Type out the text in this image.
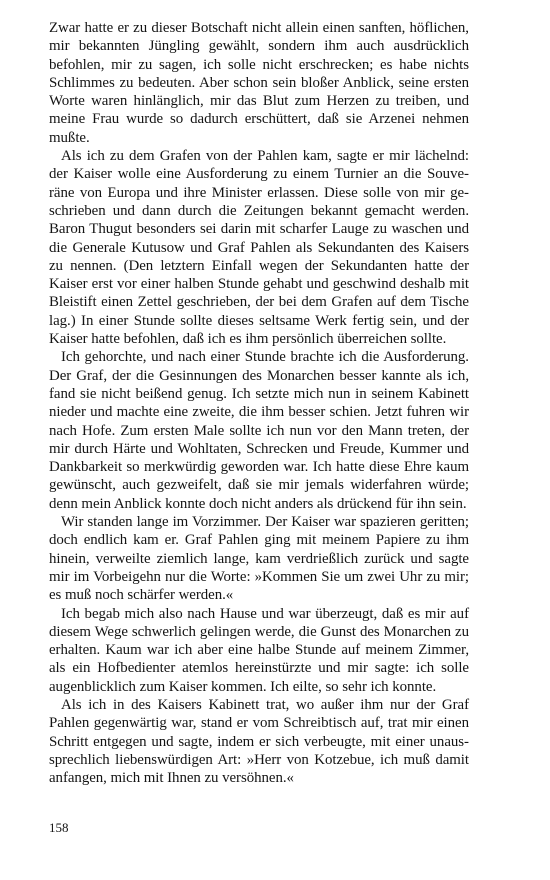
Zwar hatte er zu dieser Botschaft nicht allein einen sanften, höflichen, mir bekannten Jüngling gewählt, sondern ihm auch ausdrücklich befohlen, mir zu sagen, ich solle nicht erschrecken; es habe nichts Schlimmes zu bedeuten. Aber schon sein bloßer Anblick, seine ersten Worte waren hinlänglich, mir das Blut zum Herzen zu treiben, und meine Frau wurde so dadurch erschüttert, daß sie Arzenei nehmen mußte.

Als ich zu dem Grafen von der Pahlen kam, sagte er mir lächelnd: der Kaiser wolle eine Ausforderung zu einem Turnier an die Souveräne von Europa und ihre Minister erlassen. Diese solle von mir geschrieben und dann durch die Zeitungen bekannt gemacht werden. Baron Thugut besonders sei darin mit scharfer Lauge zu waschen und die Generale Kutusow und Graf Pahlen als Sekundanten des Kaisers zu nennen. (Den letztern Einfall wegen der Sekundanten hatte der Kaiser erst vor einer halben Stunde gehabt und geschwind deshalb mit Bleistift einen Zettel geschrieben, der bei dem Grafen auf dem Tische lag.) In einer Stunde sollte dieses seltsame Werk fertig sein, und der Kaiser hatte befohlen, daß ich es ihm persönlich überreichen sollte.

Ich gehorchte, und nach einer Stunde brachte ich die Ausforderung. Der Graf, der die Gesinnungen des Monarchen besser kannte als ich, fand sie nicht beißend genug. Ich setzte mich nun in seinem Kabinett nieder und machte eine zweite, die ihm besser schien. Jetzt fuhren wir nach Hofe. Zum ersten Male sollte ich nun vor den Mann treten, der mir durch Härte und Wohltaten, Schrecken und Freude, Kummer und Dankbarkeit so merkwürdig geworden war. Ich hatte diese Ehre kaum gewünscht, auch gezweifelt, daß sie mir jemals widerfahren würde; denn mein Anblick konnte doch nicht anders als drückend für ihn sein.

Wir standen lange im Vorzimmer. Der Kaiser war spazieren geritten; doch endlich kam er. Graf Pahlen ging mit meinem Papiere zu ihm hinein, verweilte ziemlich lange, kam verdrießlich zurück und sagte mir im Vorbeigehn nur die Worte: »Kommen Sie um zwei Uhr zu mir; es muß noch schärfer werden.«

Ich begab mich also nach Hause und war überzeugt, daß es mir auf diesem Wege schwerlich gelingen werde, die Gunst des Monarchen zu erhalten. Kaum war ich aber eine halbe Stunde auf meinem Zimmer, als ein Hofbedienter atemlos hereinstürzte und mir sagte: ich solle augenblicklich zum Kaiser kommen. Ich eilte, so sehr ich konnte.

Als ich in des Kaisers Kabinett trat, wo außer ihm nur der Graf Pahlen gegenwärtig war, stand er vom Schreibtisch auf, trat mir einen Schritt entgegen und sagte, indem er sich verbeugte, mit einer unaussprechlich liebenswürdigen Art: »Herr von Kotzebue, ich muß damit anfangen, mich mit Ihnen zu versöhnen.«

158
